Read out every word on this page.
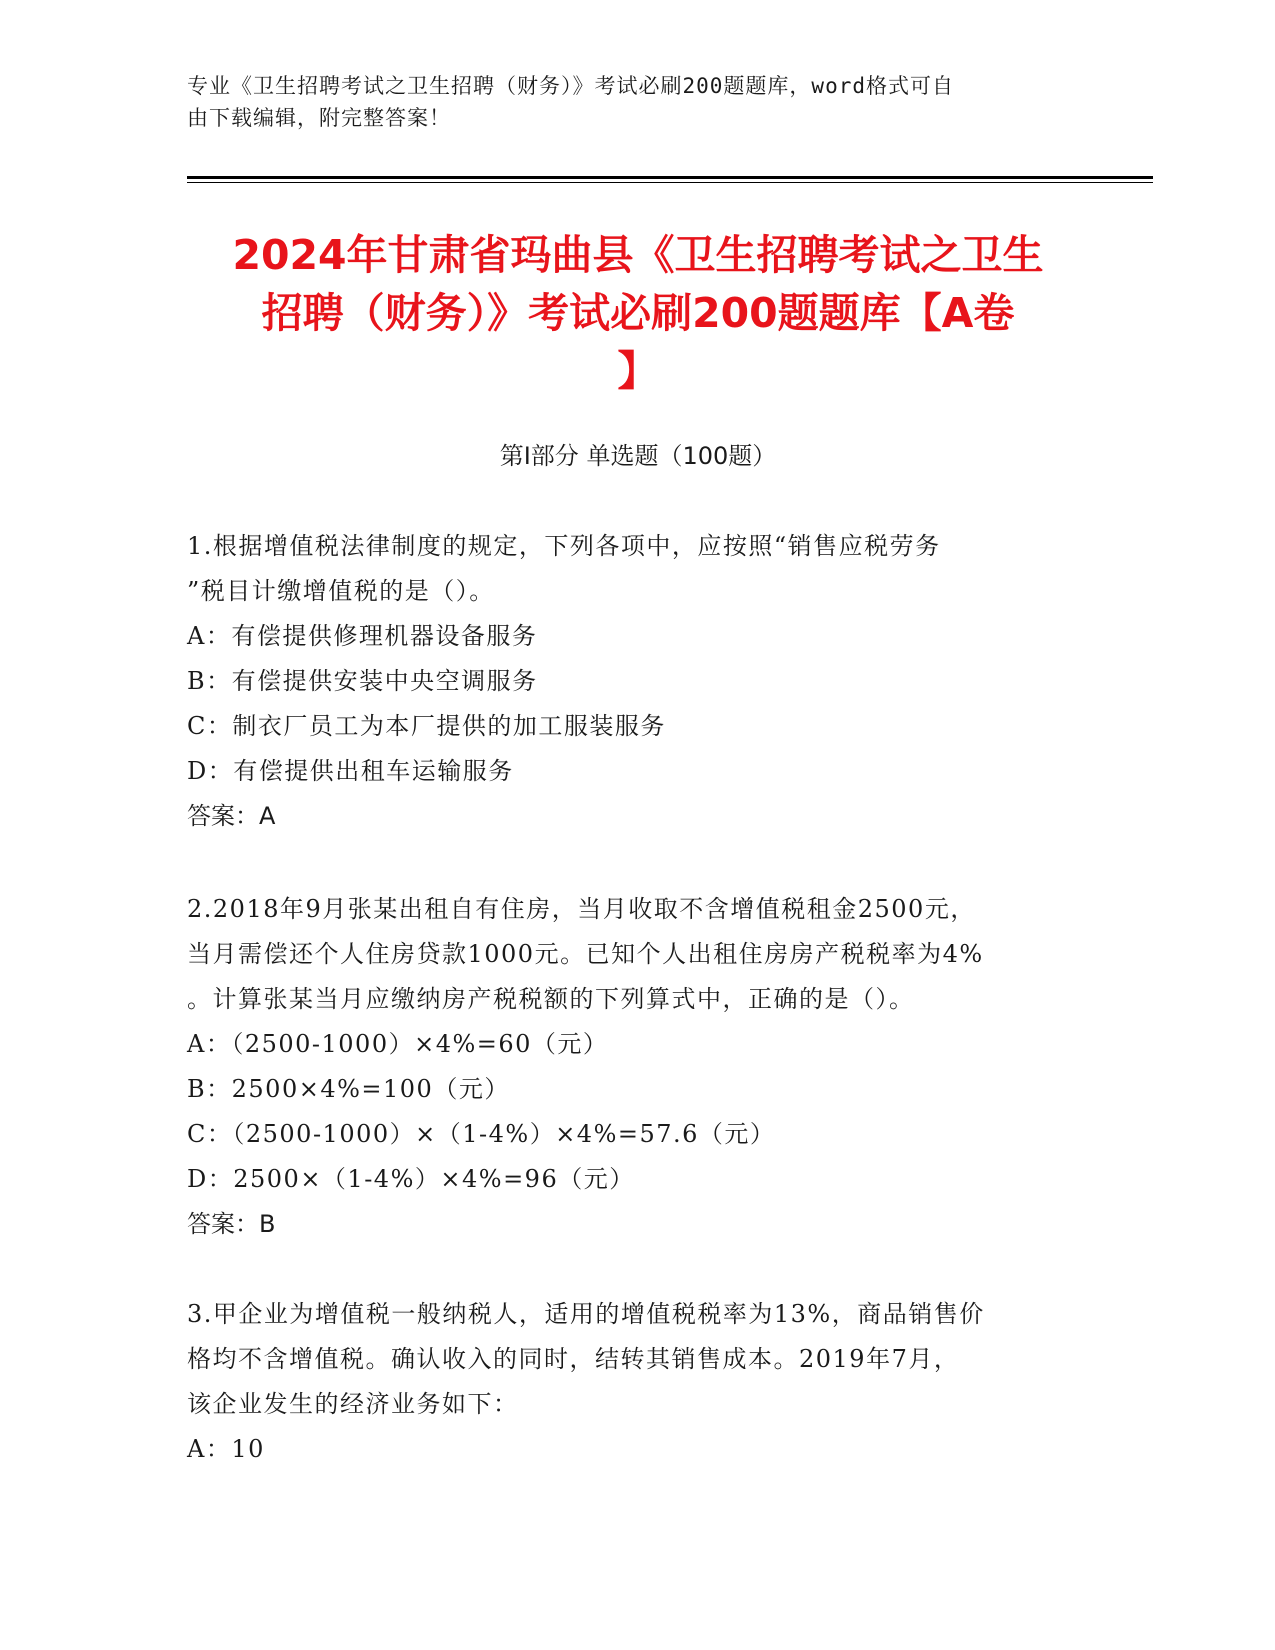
专业《卫生招聘考试之卫生招聘（财务）》考试必刷200题题库，word格式可自
由下载编辑，附完整答案！
2024年甘肃省玛曲县《卫生招聘考试之卫生
招聘（财务）》考试必刷200题题库【A卷
】
第I部分 单选题（100题）
1.根据增值税法律制度的规定，下列各项中，应按照“销售应税劳务
”税目计缴增值税的是（）。
A：有偿提供修理机器设备服务
B：有偿提供安装中央空调服务
C：制衣厂员工为本厂提供的加工服装服务
D：有偿提供出租车运输服务
答案：A
2.2018年9月张某出租自有住房，当月收取不含增值税租金2500元，
当月需偿还个人住房贷款1000元。已知个人出租住房房产税税率为4%
。计算张某当月应缴纳房产税税额的下列算式中，正确的是（）。
A：（2500-1000）×4%=60（元）
B：2500×4%=100（元）
C：（2500-1000）×（1-4%）×4%=57.6（元）
D：2500×（1-4%）×4%=96（元）
答案：B
3.甲企业为增值税一般纳税人，适用的增值税税率为13%，商品销售价
格均不含增值税。确认收入的同时，结转其销售成本。2019年7月，
该企业发生的经济业务如下：
A：10
